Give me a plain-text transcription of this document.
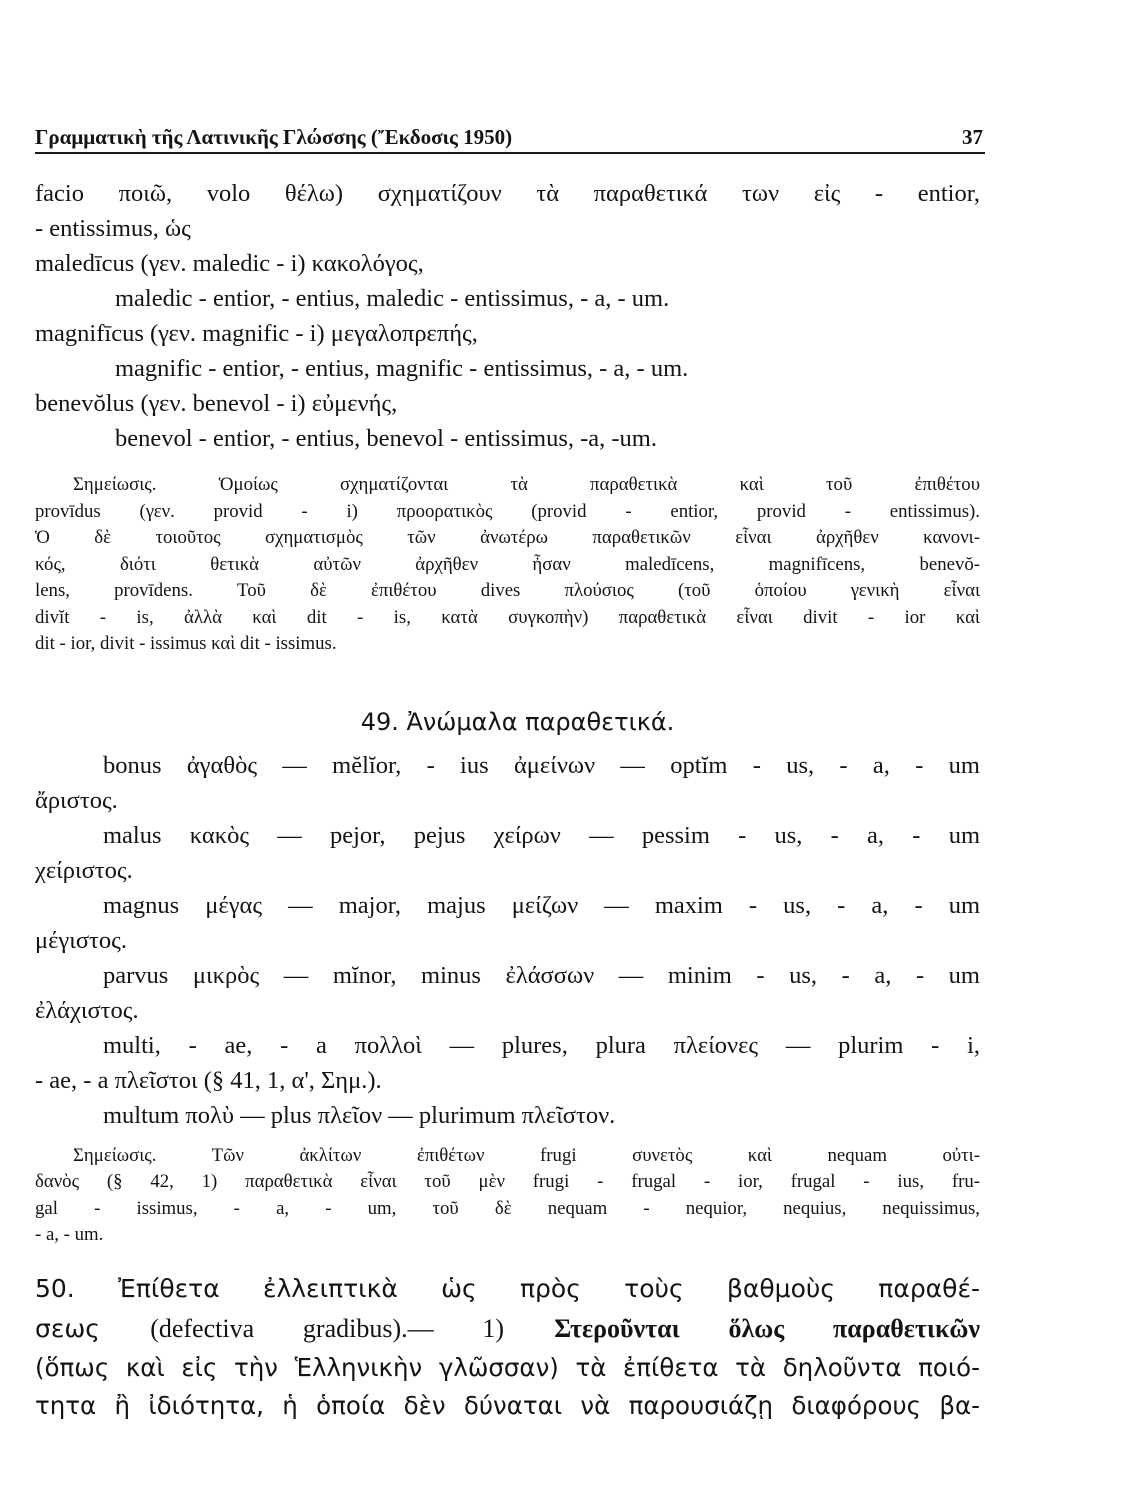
Γραμματικὴ τῆς Λατινικῆς Γλώσσης (Ἔκδοσις 1950)	37
facio ποιῶ, volo θέλω) σχηματίζουν τὰ παραθετικά των εἰς - entior,
- entissimus, ὡς
maledīcus (γεν. maledic - i) κακολόγος,
maledic - entior, - entius, maledic - entissimus, - a, - um.
magnifīcus (γεν. magnific - i) μεγαλοπρεπής,
magnific - entior, - entius, magnific - entissimus, - a, - um.
benevŏlus (γεν. benevol - i) εὐμενής,
benevol - entior, - entius, benevol - entissimus, -a, -um.
Σημείωσις. Ὁμοίως σχηματίζονται τὰ παραθετικὰ καὶ τοῦ ἐπιθέτου
provīdus (γεν. provid - i) προορατικὸς (provid - entior, provid - entissimus).
Ὁ δὲ τοιοῦτος σχηματισμὸς τῶν ἀνωτέρω παραθετικῶν εἶναι ἀρχῆθεν κανονι-
κός, διότι θετικὰ αὐτῶν ἀρχῆθεν ἦσαν maledīcens, magnifīcens, benevŏ-
lens, provīdens. Τοῦ δὲ ἐπιθέτου dives πλούσιος (τοῦ ὁποίου γενικὴ εἶναι
divĭt - is, ἀλλὰ καὶ dit - is, κατὰ συγκοπὴν) παραθετικὰ εἶναι divit - ior καὶ
dit - ior, divit - issimus καὶ dit - issimus.
49. Ἀνώμαλα παραθετικά.
bonus ἀγαθὸς — mĕlĭor, - ius ἀμείνων — optĭm - us, - a, - um
ἄριστος.
malus κακὸς — pejor, pejus χείρων — pessim - us, - a, - um
χείριστος.
magnus μέγας — major, majus μείζων — maxim - us, - a, - um
μέγιστος.
parvus μικρὸς — mĭnor, minus ἐλάσσων — minim - us, - a, - um
ἐλάχιστος.
multi, - ae, - a πολλοὶ — plures, plura πλείονες — plurim - i,
- ae, - a πλεῖστοι (§ 41, 1, α', Σημ.).
multum πολὺ — plus πλεῖον — plurimum πλεῖστον.
Σημείωσις. Τῶν ἀκλίτων ἐπιθέτων frugi συνετὸς καὶ nequam οὐτι-
δανὸς (§ 42, 1) παραθετικὰ εἶναι τοῦ μὲν frugi - frugal - ior, frugal - ius, fru-
gal - issimus, - a, - um, τοῦ δὲ nequam - nequior, nequius, nequissimus,
- a, - um.
50. Ἐπίθετα ἐλλειπτικὰ ὡς πρὸς τοὺς βαθμοὺς παραθέ-
σεως (defectiva gradibus).— 1) Στεροῦνται ὅλως παραθετικῶν
(ὅπως καὶ εἰς τὴν Ἑλληνικὴν γλῶσσαν) τὰ ἐπίθετα τὰ δηλοῦντα ποιό-
τητα ἢ ἰδιότητα, ἡ ὁποία δὲν δύναται νὰ παρουσιάζῃ διαφόρους βα-
